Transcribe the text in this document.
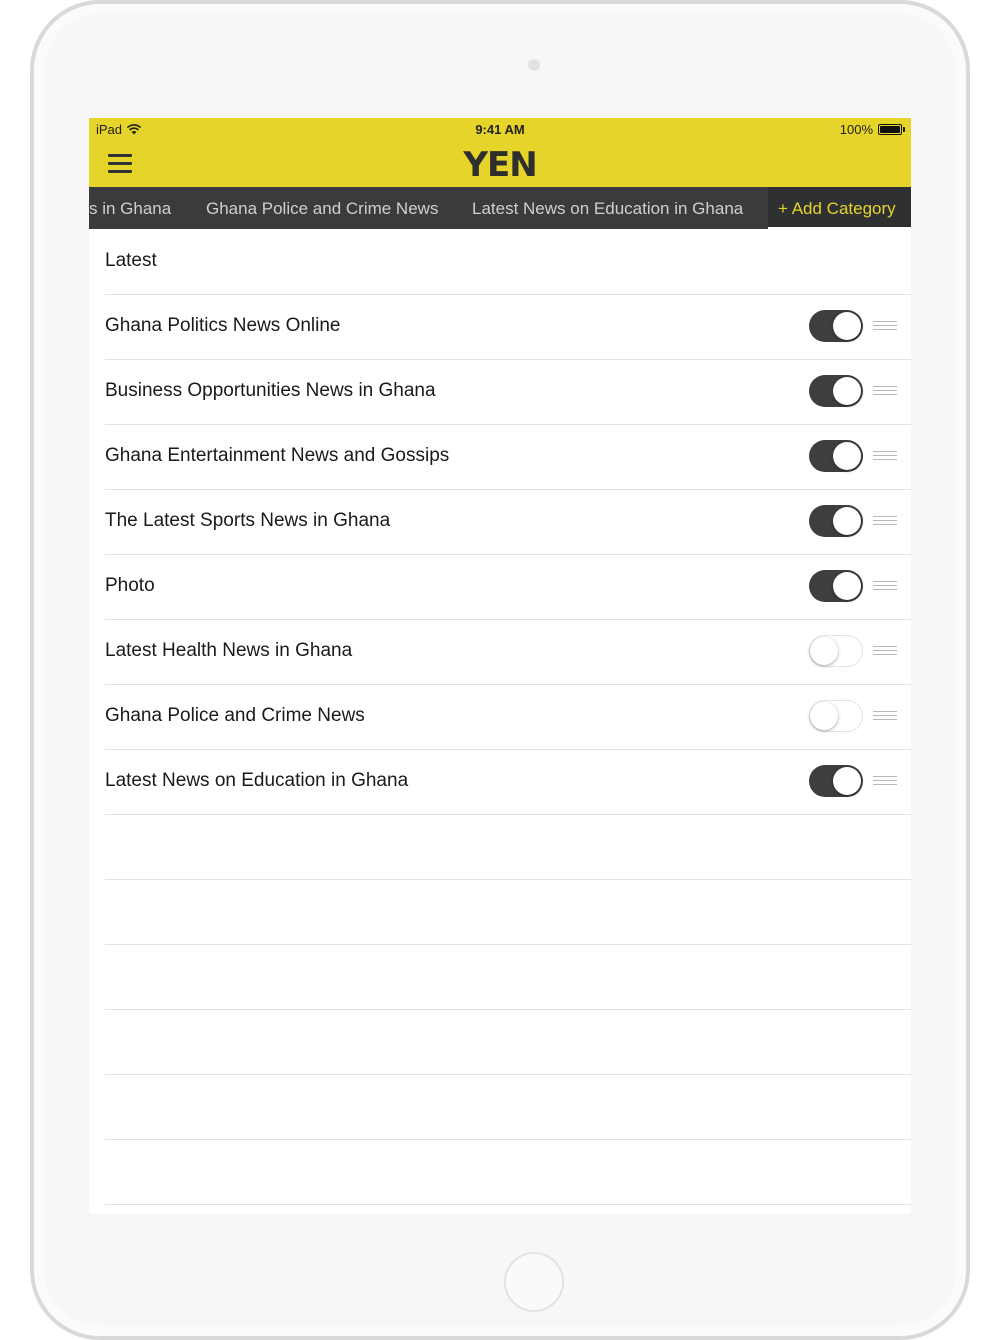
iPad	9:41 AM	100%
YEN
s in Ghana Ghana Police and Crime News Latest News on Education in Ghana	+ Add Category
Latest
Ghana Politics News Online
Business Opportunities News in Ghana
Ghana Entertainment News and Gossips
The Latest Sports News in Ghana
Photo
Latest Health News in Ghana
Ghana Police and Crime News
Latest News on Education in Ghana
